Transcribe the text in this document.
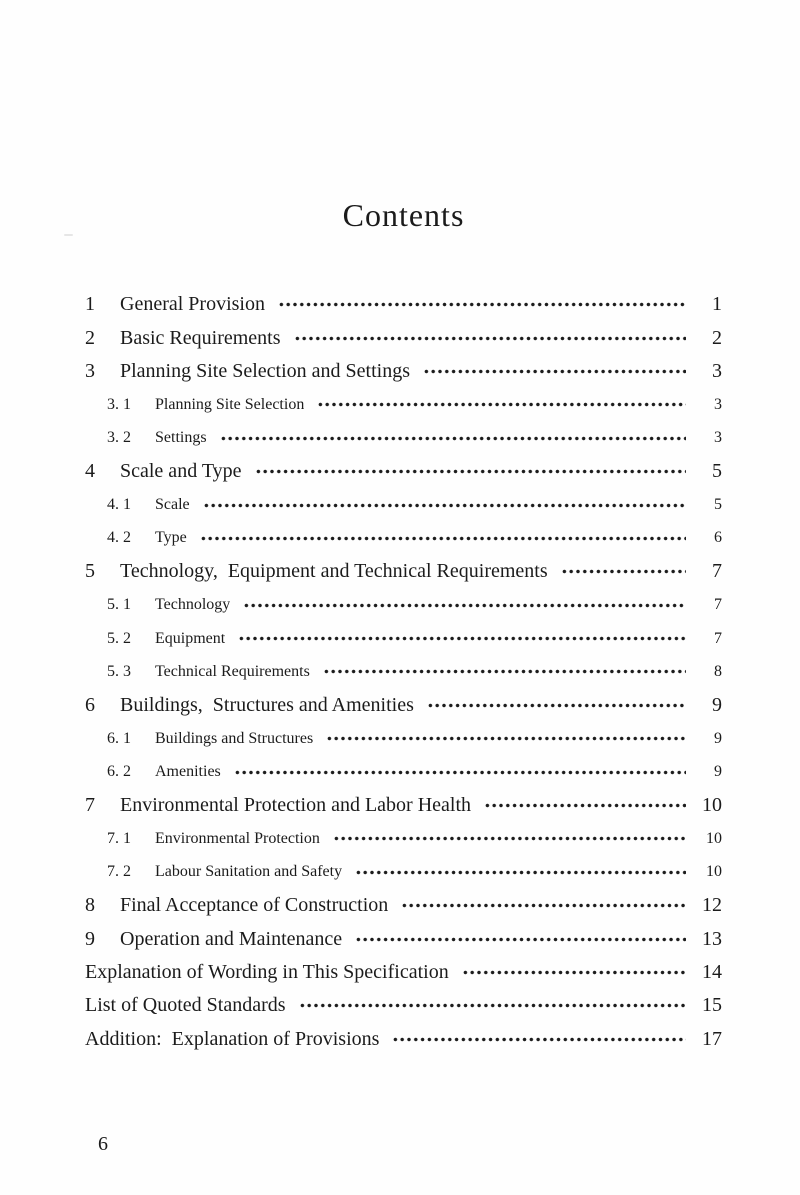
Contents
1	General Provision	1
2	Basic Requirements	2
3	Planning Site Selection and Settings	3
3. 1	Planning Site Selection	3
3. 2	Settings	3
4	Scale and Type	5
4. 1	Scale	5
4. 2	Type	6
5	Technology,  Equipment and Technical Requirements	7
5. 1	Technology	7
5. 2	Equipment	7
5. 3	Technical Requirements	8
6	Buildings,  Structures and Amenities	9
6. 1	Buildings and Structures	9
6. 2	Amenities	9
7	Environmental Protection and Labor Health	10
7. 1	Environmental Protection	10
7. 2	Labour Sanitation and Safety	10
8	Final Acceptance of Construction	12
9	Operation and Maintenance	13
Explanation of Wording in This Specification	14
List of Quoted Standards	15
Addition:  Explanation of Provisions	17
6
